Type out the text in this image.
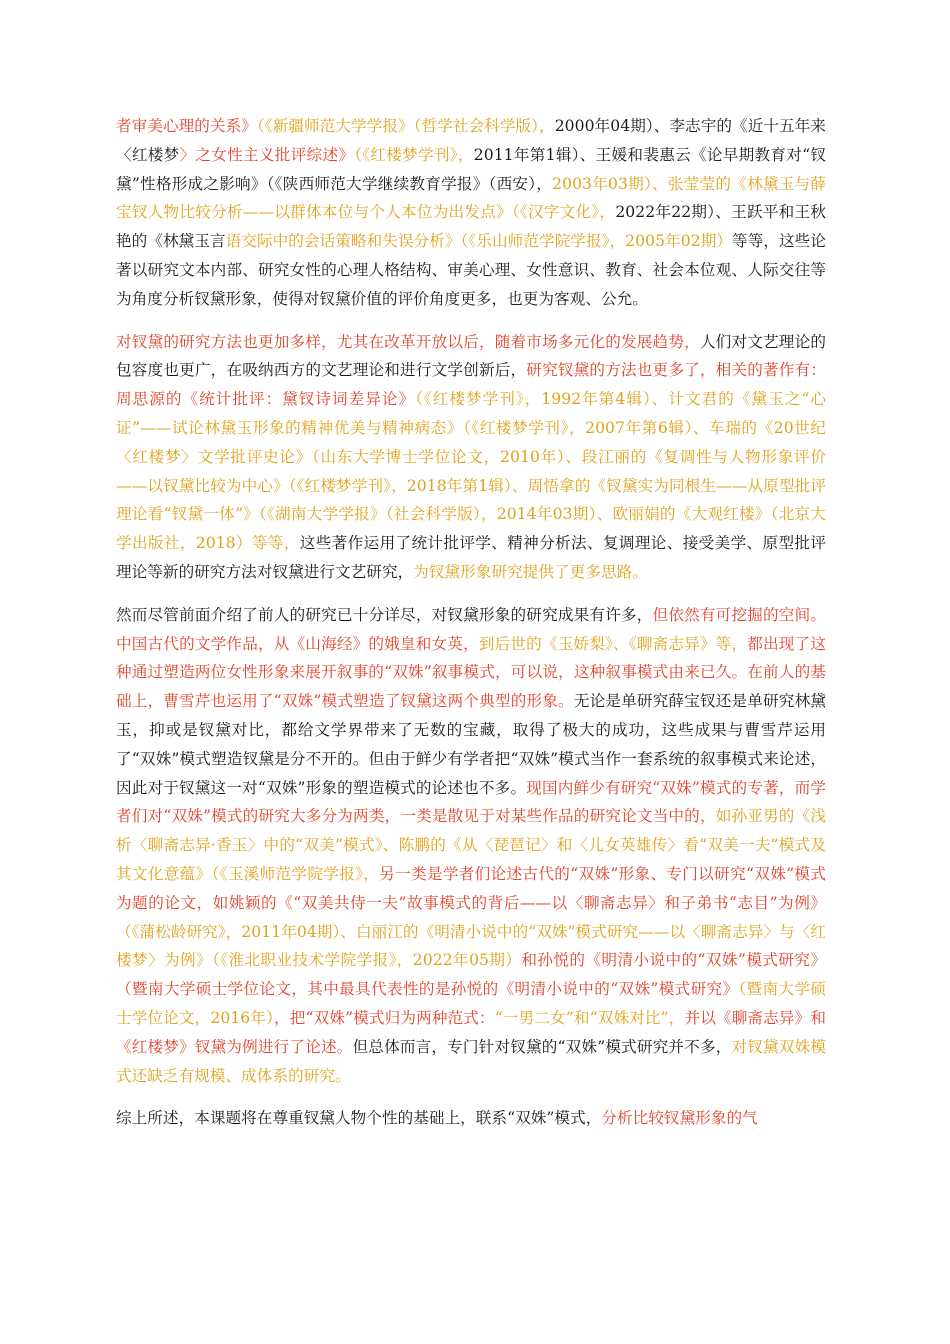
者审美心理的关系》（《新疆师范大学学报》（哲学社会科学版），2000年04期）、李志宇的《近十五年来〈红楼梦〉之女性主义批评综述》（《红楼梦学刊》，2011年第1辑）、王媛和裴惠云《论早期教育对“钗黛”性格形成之影响》（《陕西师范大学继续教育学报》（西安），2003年03期）、张莹莹的《林黛玉与薛宝钗人物比较分析——以群体本位与个人本位为出发点》（《汉字文化》，2022年22期）、王跃平和王秋艳的《林黛玉言语交际中的会话策略和失误分析》（《乐山师范学院学报》，2005年02期）等等，这些论著以研究文本内部、研究女性的心理人格结构、审美心理、女性意识、教育、社会本位观、人际交往等为角度分析钗黛形象，使得对钗黛价值的评价角度更多，也更为客观、公允。

对钗黛的研究方法也更加多样，尤其在改革开放以后，随着市场多元化的发展趋势，人们对文艺理论的包容度也更广，在吸纳西方的文艺理论和进行文学创新后，研究钗黛的方法也更多了，相关的著作有：周思源的《统计批评：黛钗诗词差异论》（《红楼梦学刊》，1992年第4辑）、计文君的《黛玉之“心证”——试论林黛玉形象的精神优美与精神病态》（《红楼梦学刊》，2007年第6辑）、车瑞的《20世纪〈红楼梦〉文学批评史论》（山东大学博士学位论文，2010年）、段江丽的《复调性与人物形象评价——以钗黛比较为中心》（《红楼梦学刊》，2018年第1辑）、周悟拿的《钗黛实为同根生——从原型批评理论看“钗黛一体”》（《湖南大学学报》（社会科学版），2014年03期）、欧丽娟的《大观红楼》（北京大学出版社，2018）等等，这些著作运用了统计批评学、精神分析法、复调理论、接受美学、原型批评理论等新的研究方法对钗黛进行文艺研究，为钗黛形象研究提供了更多思路。

然而尽管前面介绍了前人的研究已十分详尽，对钗黛形象的研究成果有许多，但依然有可挖掘的空间。中国古代的文学作品，从《山海经》的娥皇和女英，到后世的《玉娇梨》、《聊斋志异》等，都出现了这种通过塑造两位女性形象来展开叙事的“双姝”叙事模式，可以说，这种叙事模式由来已久。在前人的基础上，曹雪芹也运用了“双姝”模式塑造了钗黛这两个典型的形象。无论是单研究薛宝钗还是单研究林黛玉，抑或是钗黛对比，都给文学界带来了无数的宝藏，取得了极大的成功，这些成果与曹雪芹运用了“双姝”模式塑造钗黛是分不开的。但由于鲜少有学者把“双姝”模式当作一套系统的叙事模式来论述，因此对于钗黛这一对“双姝”形象的塑造模式的论述也不多。现国内鲜少有研究“双姝”模式的专著，而学者们对“双姝”模式的研究大多分为两类，一类是散见于对某些作品的研究论文当中的，如孙亚男的《浅析〈聊斋志异·香玉〉中的“双美”模式》、陈鹏的《从〈琵琶记〉和〈儿女英雄传〉看“双美一夫”模式及其文化意蕴》（《玉溪师范学院学报》，另一类是学者们论述古代的“双姝”形象、专门以研究“双姝”模式为题的论文，如姚颖的《“双美共侍一夫”故事模式的背后——以〈聊斋志异〉和子弟书“志目”为例》（《蒲松龄研究》，2011年04期）、白丽江的《明清小说中的“双姝”模式研究——以〈聊斋志异〉与〈红楼梦〉为例》（《淮北职业技术学院学报》，2022年05期）和孙悦的《明清小说中的“双姝”模式研究》（暨南大学硕士学位论文，其中最具代表性的是孙悦的《明清小说中的“双姝”模式研究》（暨南大学硕士学位论文，2016年），把“双姝”模式归为两种范式：“一男二女”和“双姝对比”，并以《聊斋志异》和《红楼梦》钗黛为例进行了论述。但总体而言，专门针对钗黛的“双姝”模式研究并不多，对钗黛双姝模式还缺乏有规模、成体系的研究。

综上所述，本课题将在尊重钗黛人物个性的基础上，联系“双姝”模式，分析比较钗黛形象的气
